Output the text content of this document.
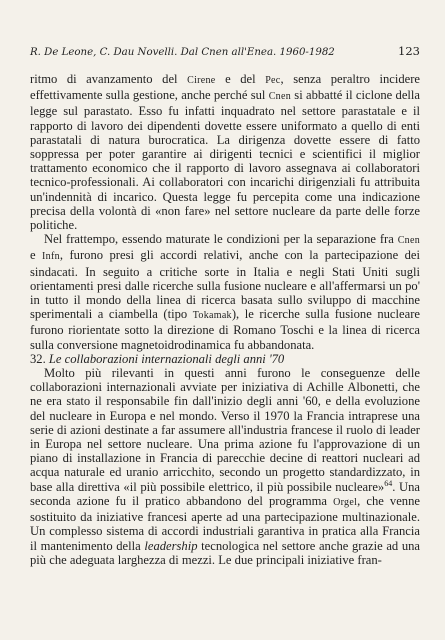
R. De Leone, C. Dau Novelli. Dal Cnen all'Enea. 1960-1982	123

ritmo di avanzamento del Cirene e del Pec, senza peraltro incidere effettivamente sulla gestione, anche perché sul Cnen si abbatté il ciclone della legge sul parastato. Esso fu infatti inquadrato nel settore parastatale e il rapporto di lavoro dei dipendenti dovette essere uniformato a quello di enti parastatali di natura burocratica. La dirigenza dovette essere di fatto soppressa per poter garantire ai dirigenti tecnici e scientifici il miglior trattamento economico che il rapporto di lavoro assegnava ai collaboratori tecnico-professionali. Ai collaboratori con incarichi dirigenziali fu attribuita un'indennità di incarico. Questa legge fu percepita come una indicazione precisa della volontà di «non fare» nel settore nucleare da parte delle forze politiche.

Nel frattempo, essendo maturate le condizioni per la separazione fra Cnen e Infn, furono presi gli accordi relativi, anche con la partecipazione dei sindacati. In seguito a critiche sorte in Italia e negli Stati Uniti sugli orientamenti presi dalle ricerche sulla fusione nucleare e all'affermarsi un po' in tutto il mondo della linea di ricerca basata sullo sviluppo di macchine sperimentali a ciambella (tipo Tokamak), le ricerche sulla fusione nucleare furono riorientate sotto la direzione di Romano Toschi e la linea di ricerca sulla conversione magnetoidrodinamica fu abbandonata.

32. Le collaborazioni internazionali degli anni '70

Molto più rilevanti in questi anni furono le conseguenze delle collaborazioni internazionali avviate per iniziativa di Achille Albonetti, che ne era stato il responsabile fin dall'inizio degli anni '60, e della evoluzione del nucleare in Europa e nel mondo. Verso il 1970 la Francia intraprese una serie di azioni destinate a far assumere all'industria francese il ruolo di leader in Europa nel settore nucleare. Una prima azione fu l'approvazione di un piano di installazione in Francia di parecchie decine di reattori nucleari ad acqua naturale ed uranio arricchito, secondo un progetto standardizzato, in base alla direttiva «il più possibile elettrico, il più possibile nucleare»$^{64}$. Una seconda azione fu il pratico abbandono del programma Orgel, che venne sostituito da iniziative francesi aperte ad una partecipazione multinazionale. Un complesso sistema di accordi industriali garantiva in pratica alla Francia il mantenimento della leadership tecnologica nel settore anche grazie ad una più che adeguata larghezza di mezzi. Le due principali iniziative fran-
